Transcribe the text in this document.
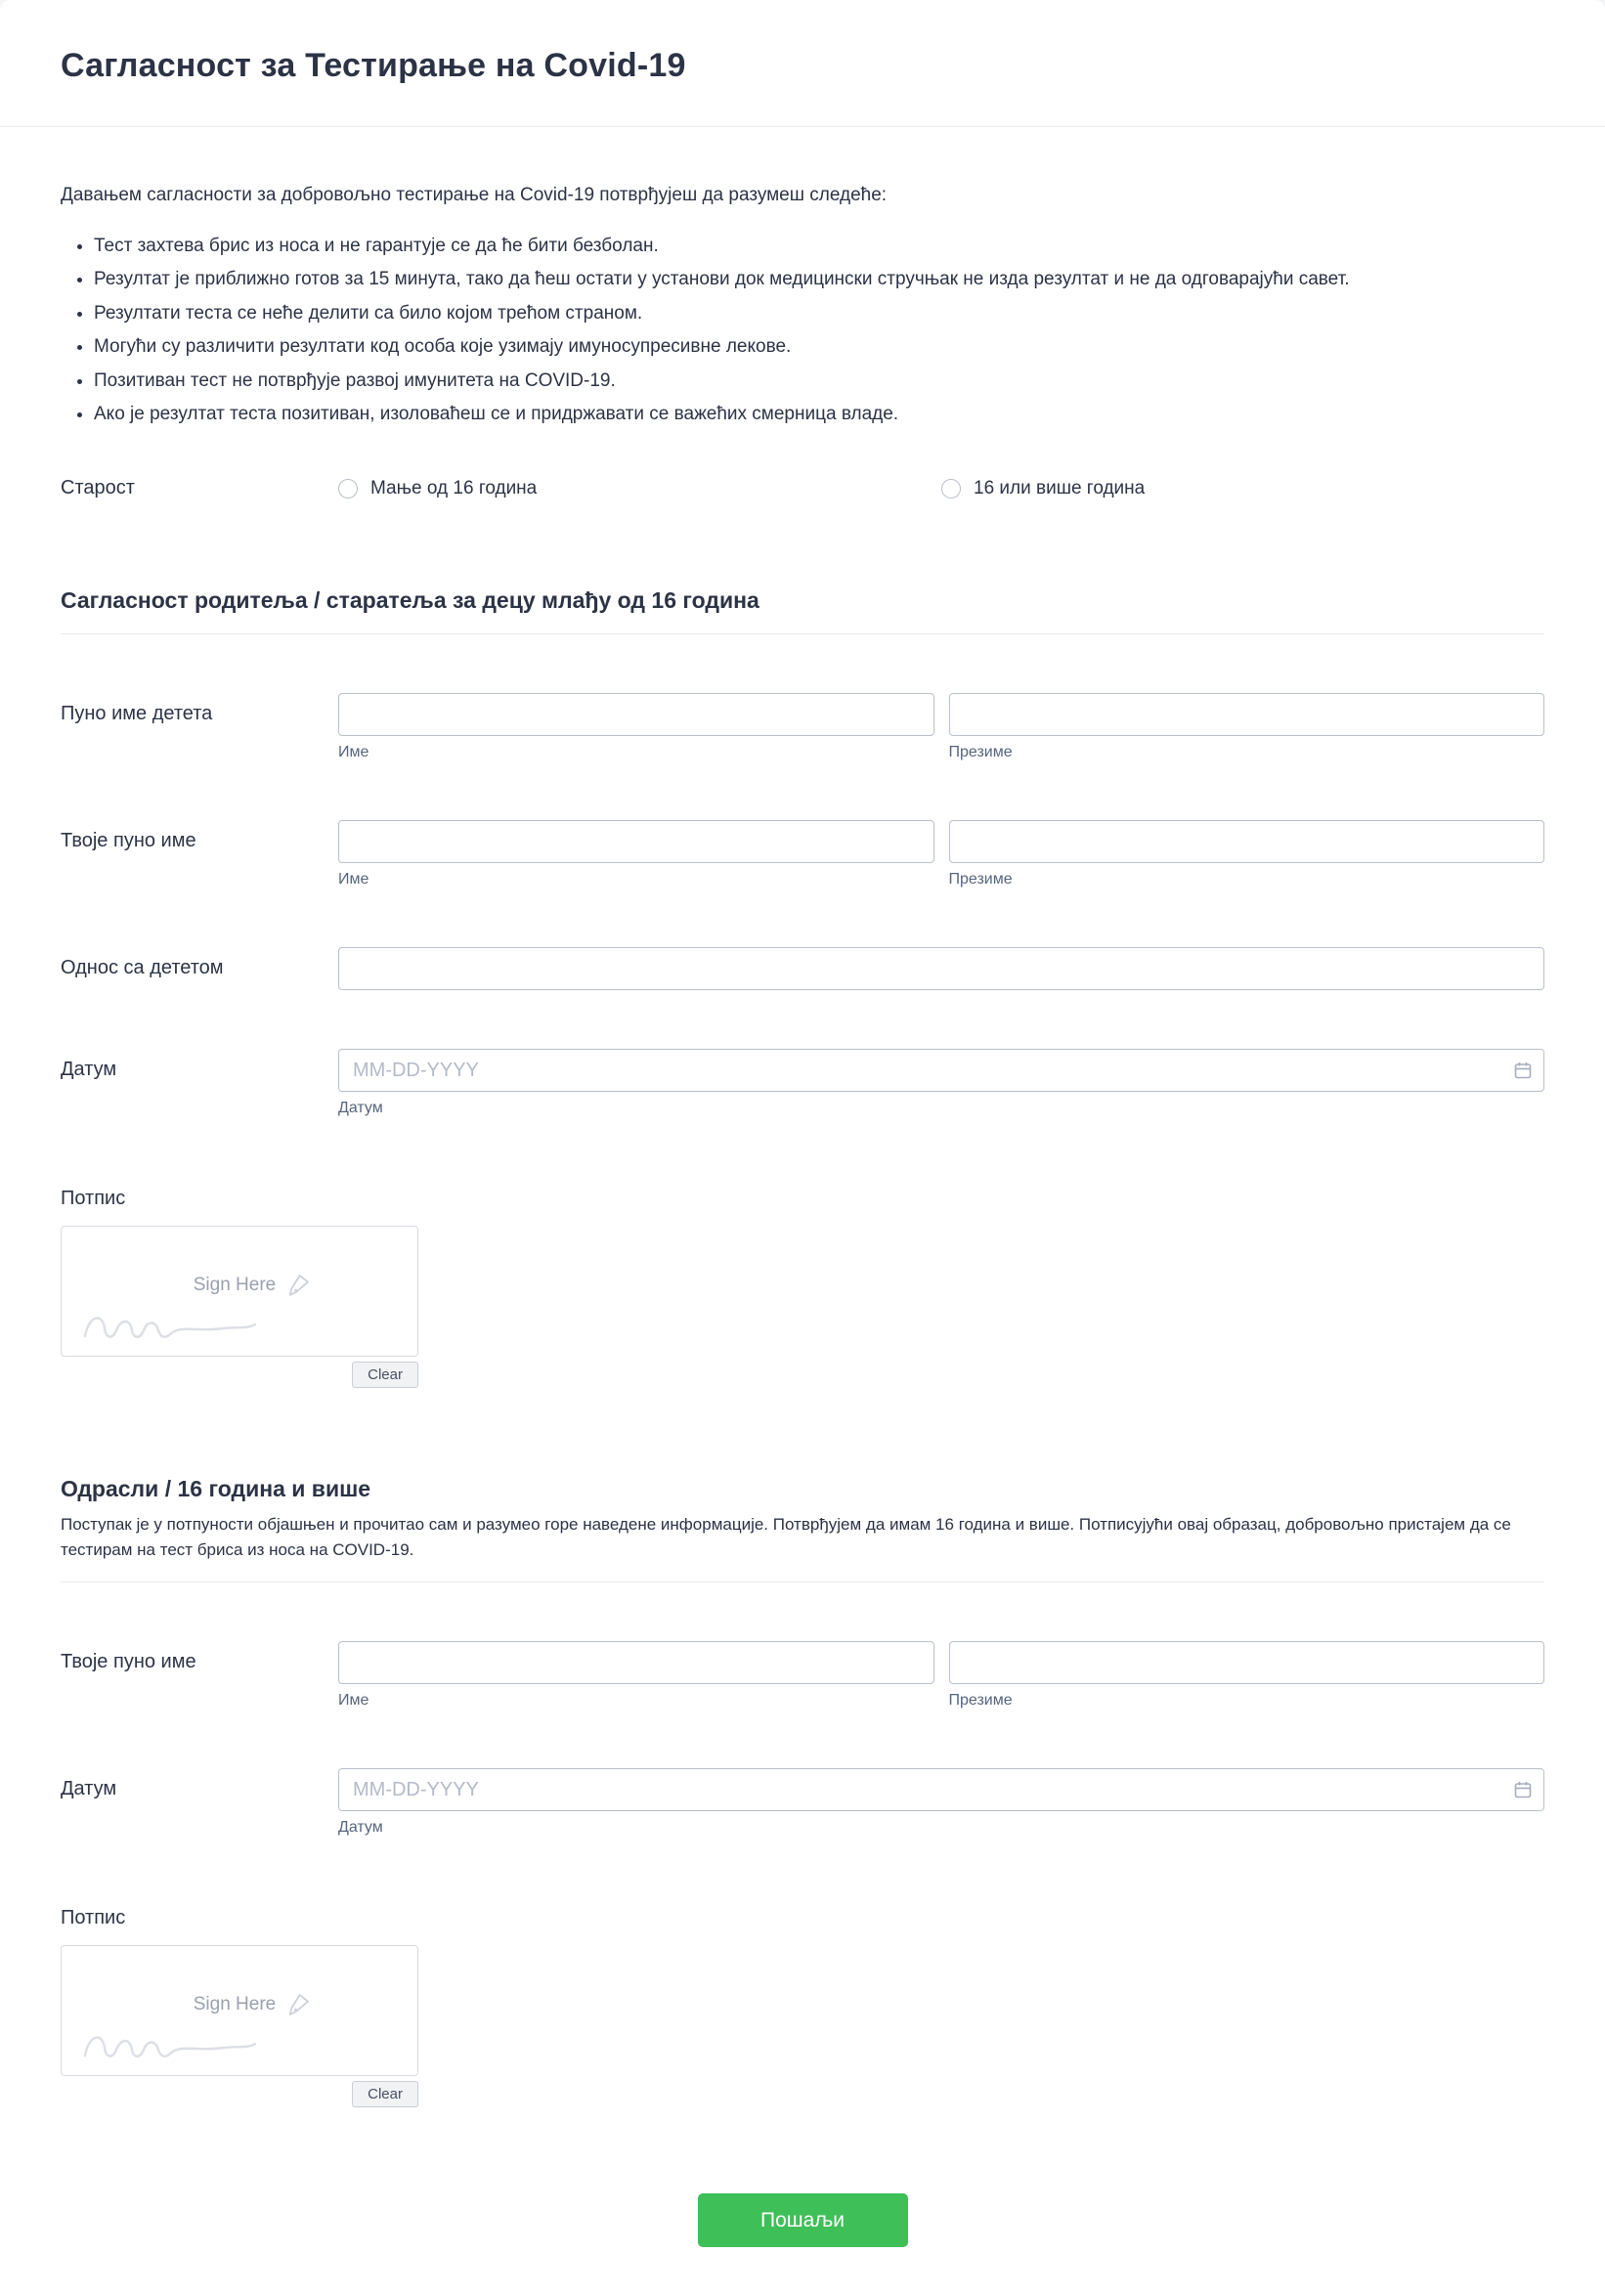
Сагласност за Тестирање на Covid-19

Давањем сагласности за добровољно тестирање на Covid-19 потврђујеш да разумеш следеће:

• Тест захтева брис из носа и не гарантује се да ће бити безболан.
• Резултат је приближно готов за 15 минута, тако да ћеш остати у установи док медицински стручњак не изда резултат и не да одговарајући савет.
• Резултати теста се неће делити са било којом трећом страном.
• Могући су различити резултати код особа које узимају имуносупресивне лекове.
• Позитиван тест не потврђује развој имунитета на COVID-19.
• Ако је резултат теста позитиван, изоловаћеш се и придржавати се важећих смерница владе.
Старост	Мање од 16 година	16 или више година
Сагласност родитеља / старатеља за децу млађу од 16 година
Пуно име детета
Име	Презиме
Твоје пуно име
Име	Презиме
Однос са дететом
Датум
MM-DD-YYYY
Датум
Потпис
Sign Here
Clear
Одрасли / 16 година и више

Поступак је у потпуности објашњен и прочитао сам и разумео горе наведене информације. Потврђујем да имам 16 година и више. Потписујући овај образац, добровољно пристајем да се тестирам на тест бриса из носа на COVID-19.

Твоје пуно име
Име	Презиме
Датум
MM-DD-YYYY
Датум
Потпис
Sign Here
Clear
Пошаљи
